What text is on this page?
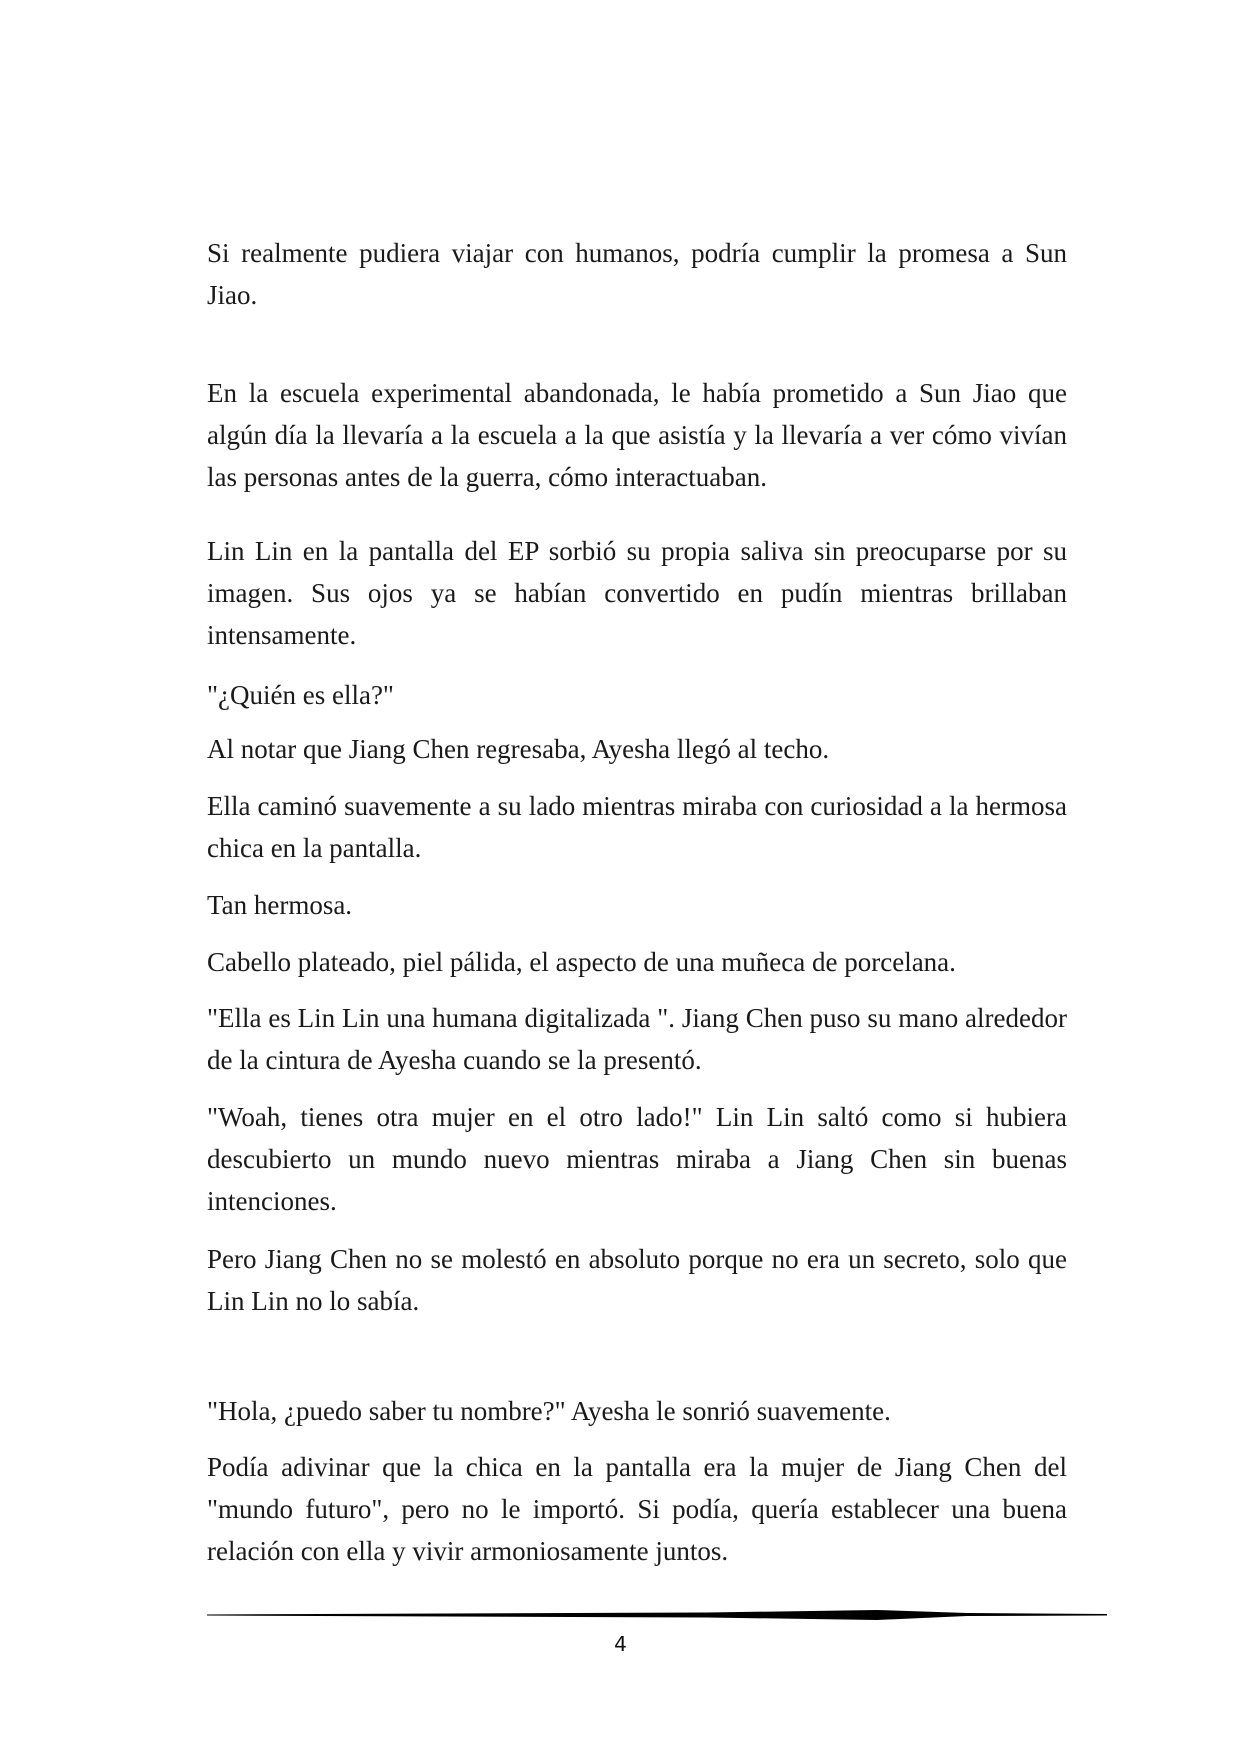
Si realmente pudiera viajar con humanos, podría cumplir la promesa a Sun Jiao.

En la escuela experimental abandonada, le había prometido a Sun Jiao que algún día la llevaría a la escuela a la que asistía y la llevaría a ver cómo vivían las personas antes de la guerra, cómo interactuaban.

Lin Lin en la pantalla del EP sorbió su propia saliva sin preocuparse por su imagen. Sus ojos ya se habían convertido en pudín mientras brillaban intensamente.

"¿Quién es ella?"

Al notar que Jiang Chen regresaba, Ayesha llegó al techo.

Ella caminó suavemente a su lado mientras miraba con curiosidad a la hermosa chica en la pantalla.

Tan hermosa.

Cabello plateado, piel pálida, el aspecto de una muñeca de porcelana.

"Ella es Lin Lin una humana digitalizada ". Jiang Chen puso su mano alrededor de la cintura de Ayesha cuando se la presentó.

"Woah, tienes otra mujer en el otro lado!" Lin Lin saltó como si hubiera descubierto un mundo nuevo mientras miraba a Jiang Chen sin buenas intenciones.

Pero Jiang Chen no se molestó en absoluto porque no era un secreto, solo que Lin Lin no lo sabía.

"Hola, ¿puedo saber tu nombre?" Ayesha le sonrió suavemente.

Podía adivinar que la chica en la pantalla era la mujer de Jiang Chen del "mundo futuro", pero no le importó. Si podía, quería establecer una buena relación con ella y vivir armoniosamente juntos.

4
